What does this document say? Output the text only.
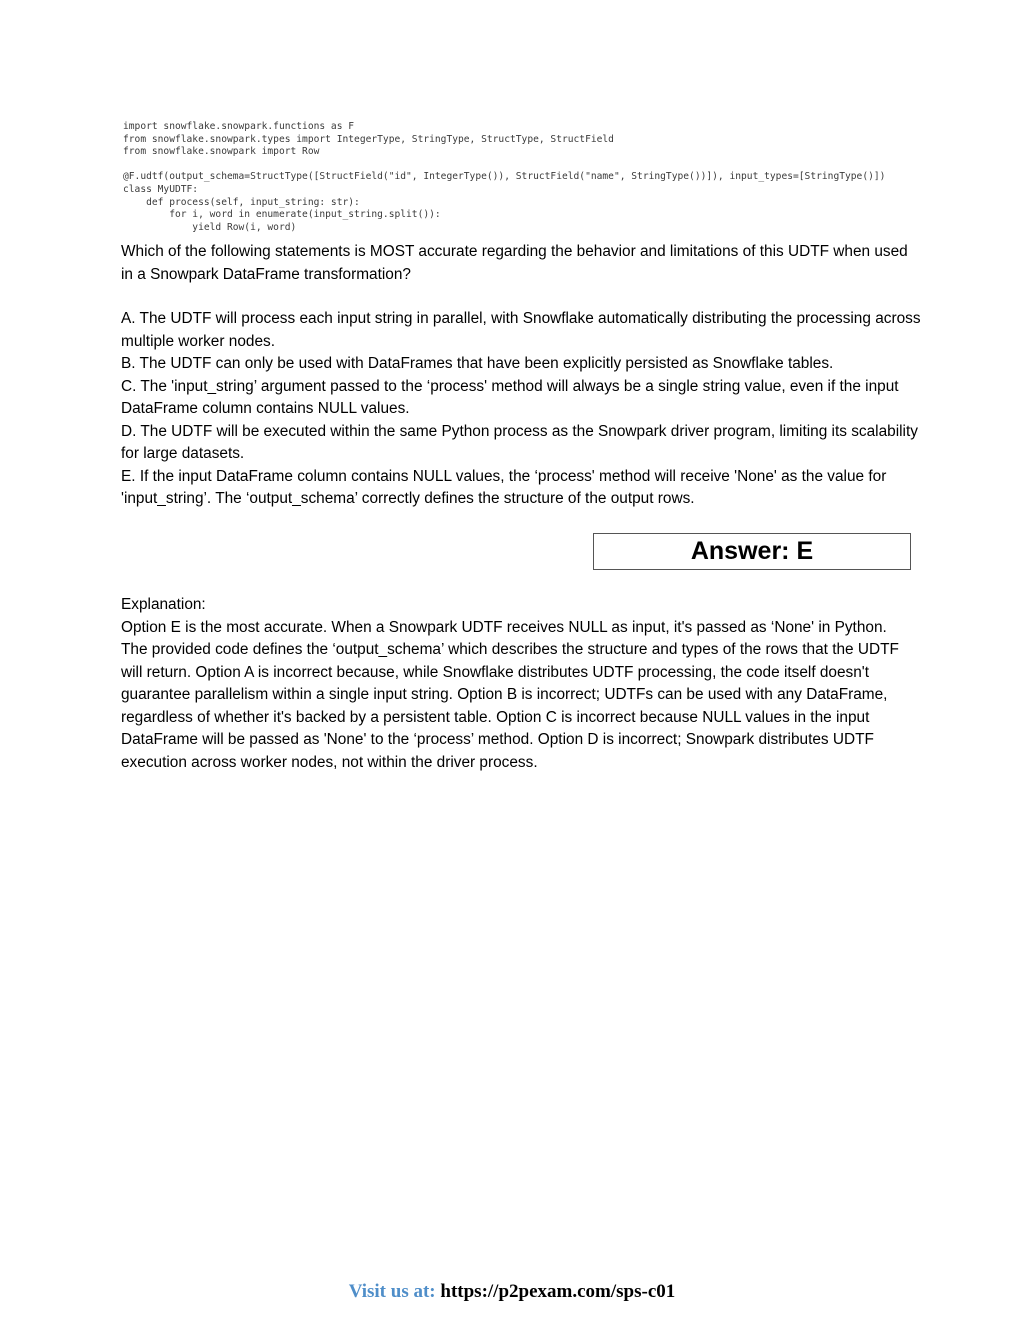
import snowflake.snowpark.functions as F
from snowflake.snowpark.types import IntegerType, StringType, StructType, StructField
from snowflake.snowpark import Row
@F.udtf(output_schema=StructType([StructField("id", IntegerType()), StructField("name", StringType())]), input_types=[StringType()])
class MyUDTF:
def process(self, input_string: str):
for i, word in enumerate(input_string.split()):
yield Row(i, word)

Which of the following statements is MOST accurate regarding the behavior and limitations of this UDTF when used in a Snowpark DataFrame transformation?

A. The UDTF will process each input string in parallel, with Snowflake automatically distributing the processing across multiple worker nodes.

B. The UDTF can only be used with DataFrames that have been explicitly persisted as Snowflake tables.

C. The 'input_string’ argument passed to the ‘process' method will always be a single string value, even if the input DataFrame column contains NULL values.

D. The UDTF will be executed within the same Python process as the Snowpark driver program, limiting its scalability for large datasets.

E. If the input DataFrame column contains NULL values, the ‘process' method will receive 'None' as the value for 'input_string’. The ‘output_schema’ correctly defines the structure of the output rows.

Answer: E

Explanation:

Option E is the most accurate. When a Snowpark UDTF receives NULL as input, it's passed as ‘None' in Python. The provided code defines the ‘output_schema’ which describes the structure and types of the rows that the UDTF will return. Option A is incorrect because, while Snowflake distributes UDTF processing, the code itself doesn't guarantee parallelism within a single input string. Option B is incorrect; UDTFs can be used with any DataFrame, regardless of whether it's backed by a persistent table. Option C is incorrect because NULL values in the input DataFrame will be passed as 'None' to the ‘process’ method. Option D is incorrect; Snowpark distributes UDTF execution across worker nodes, not within the driver process.

Visit us at: https://p2pexam.com/sps-c01
